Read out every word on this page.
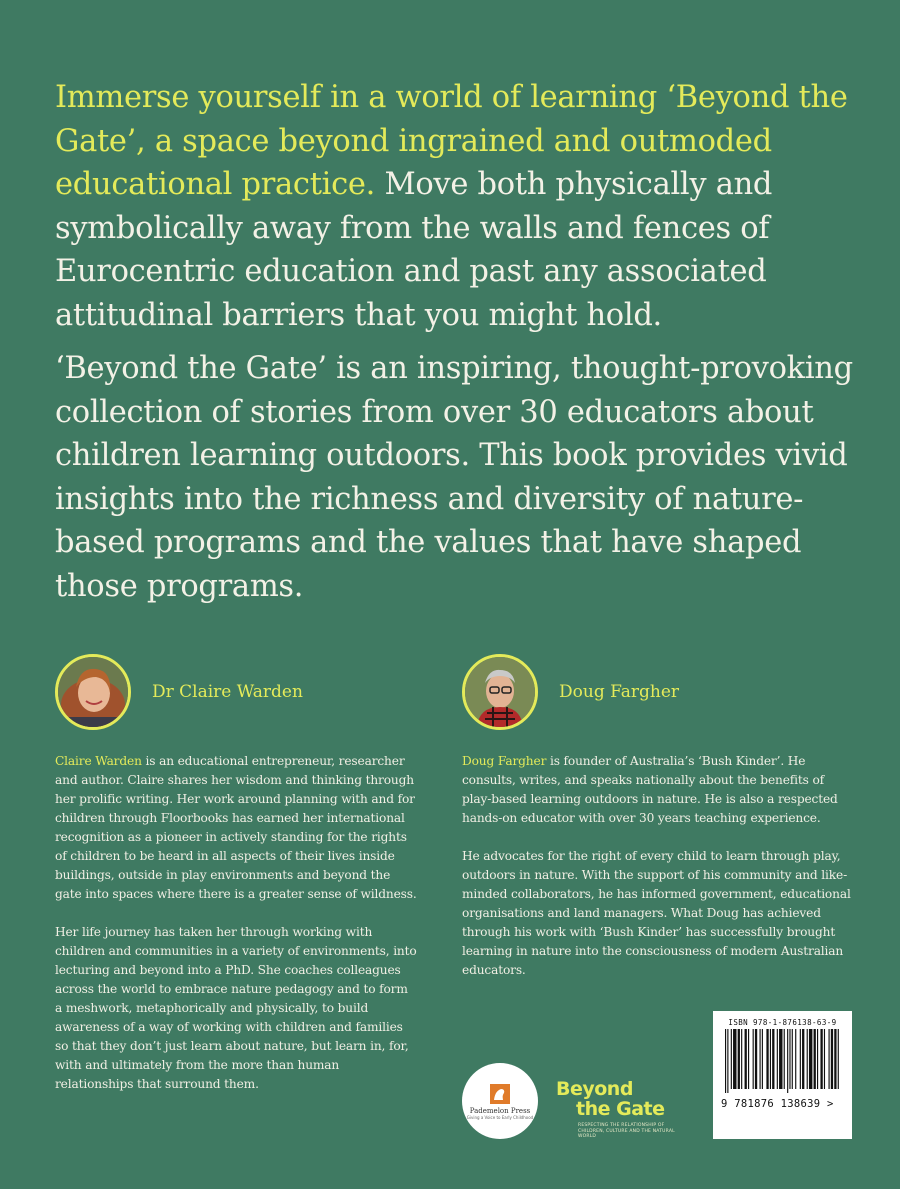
Immerse yourself in a world of learning ‘Beyond the Gate’, a space beyond ingrained and outmoded educational practice. Move both physically and symbolically away from the walls and fences of Eurocentric education and past any associated attitudinal barriers that you might hold.

‘Beyond the Gate’ is an inspiring, thought-provoking collection of stories from over 30 educators about children learning outdoors. This book provides vivid insights into the richness and diversity of nature-based programs and the values that have shaped those programs.

Dr Claire Warden

Claire Warden is an educational entrepreneur, researcher and author. Claire shares her wisdom and thinking through her prolific writing. Her work around planning with and for children through Floorbooks has earned her international recognition as a pioneer in actively standing for the rights of children to be heard in all aspects of their lives inside buildings, outside in play environments and beyond the gate into spaces where there is a greater sense of wildness.

Her life journey has taken her through working with children and communities in a variety of environments, into lecturing and beyond into a PhD. She coaches colleagues across the world to embrace nature pedagogy and to form a meshwork, metaphorically and physically, to build awareness of a way of working with children and families so that they don’t just learn about nature, but learn in, for, with and ultimately from the more than human relationships that surround them.

Doug Fargher

Doug Fargher is founder of Australia’s ‘Bush Kinder’. He consults, writes, and speaks nationally about the benefits of play-based learning outdoors in nature. He is also a respected hands-on educator with over 30 years teaching experience.

He advocates for the right of every child to learn through play, outdoors in nature. With the support of his community and like-minded collaborators, he has informed government, educational organisations and land managers. What Doug has achieved through his work with ‘Bush Kinder’ has successfully brought learning in nature into the consciousness of modern Australian educators.

Pademelon Press
Giving a Voice to Early Childhood
Beyond
the Gate
RESPECTING THE RELATIONSHIP OF CHILDREN, CULTURE AND THE NATURAL WORLD
ISBN 978-1-876138-63-9
9 781876 138639 >
